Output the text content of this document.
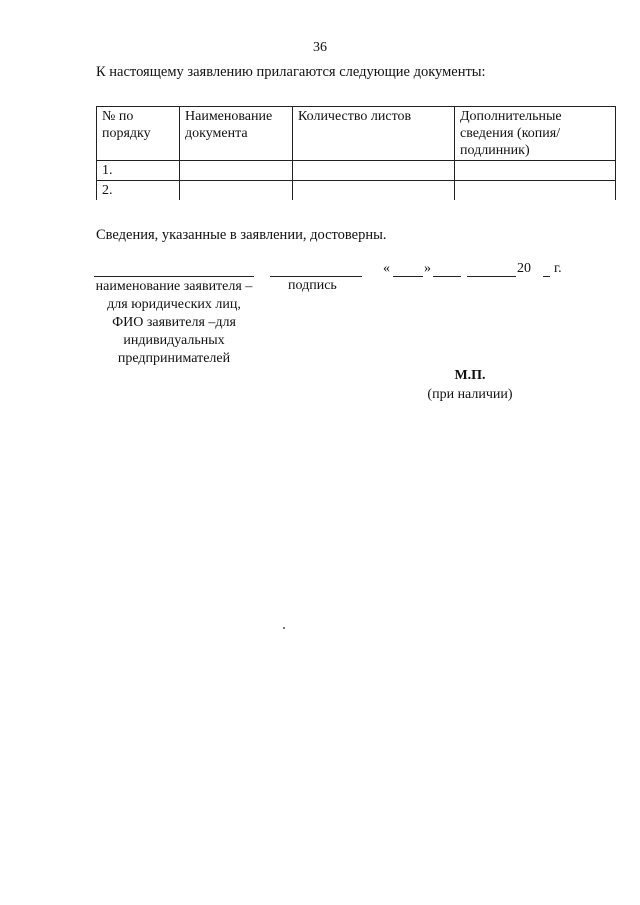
36
К настоящему заявлению прилагаются следующие документы:
№ по порядку	Наименование документа	Количество листов	Дополнительные сведения (копия/подлинник)
1.			
2.			
Сведения, указанные в заявлении, достоверны.
« »	20 г.
наименование заявителя – для юридических лиц, ФИО заявителя –для индивидуальных предпринимателей
подпись
М.П.
(при наличии)
